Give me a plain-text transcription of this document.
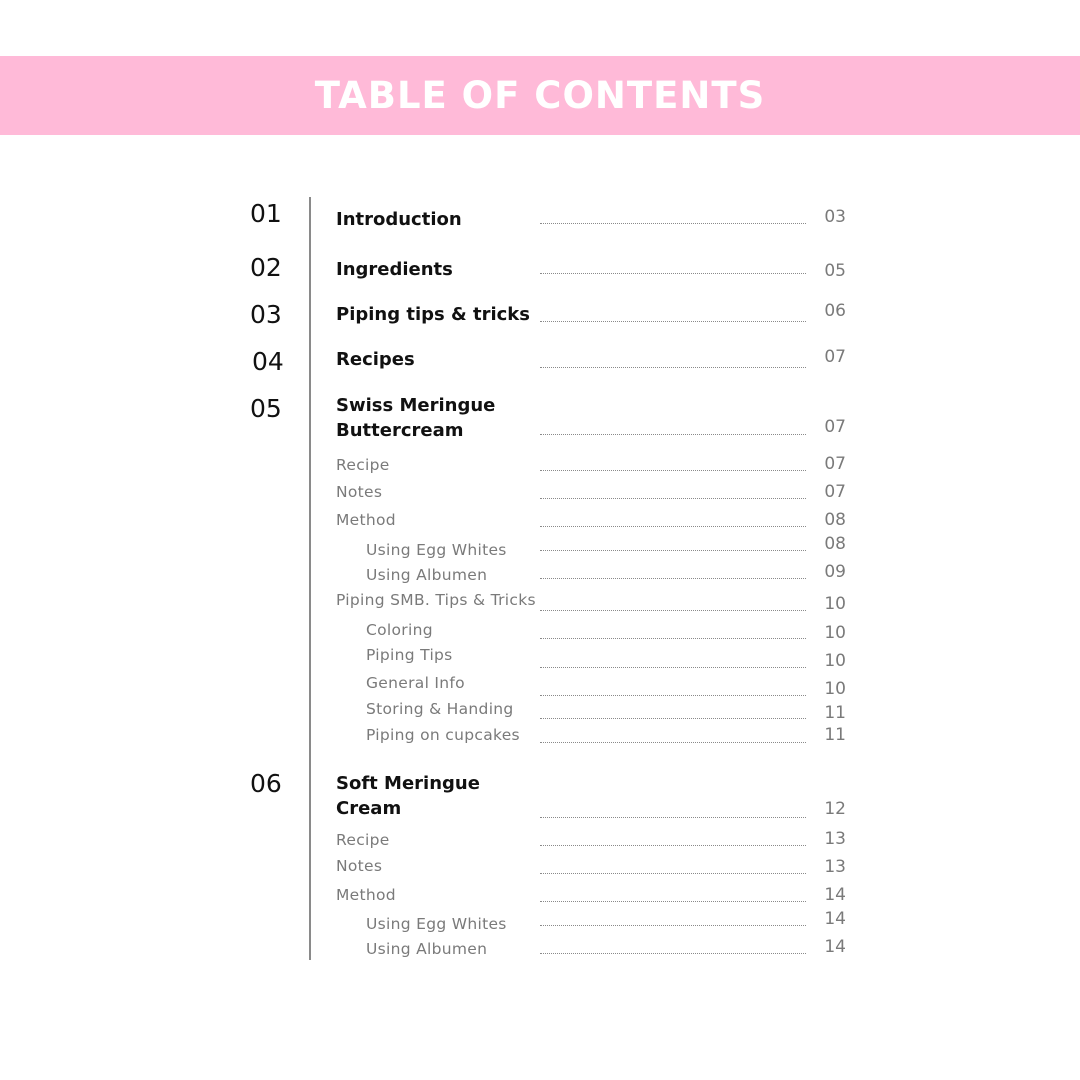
TABLE OF CONTENTS
01	Introduction	03
02	Ingredients	05
03	Piping tips & tricks	06
04	Recipes	07
05	Swiss Meringue
Buttercream	07
Recipe	07
Notes	07
Method	08
Using Egg Whites	08
Using Albumen	09
Piping SMB. Tips & Tricks	10
Coloring	10
Piping Tips	10
General Info	10
Storing & Handing	11
Piping on cupcakes	11
06	Soft Meringue
Cream	12
Recipe	13
Notes	13
Method	14
Using Egg Whites	14
Using Albumen	14
